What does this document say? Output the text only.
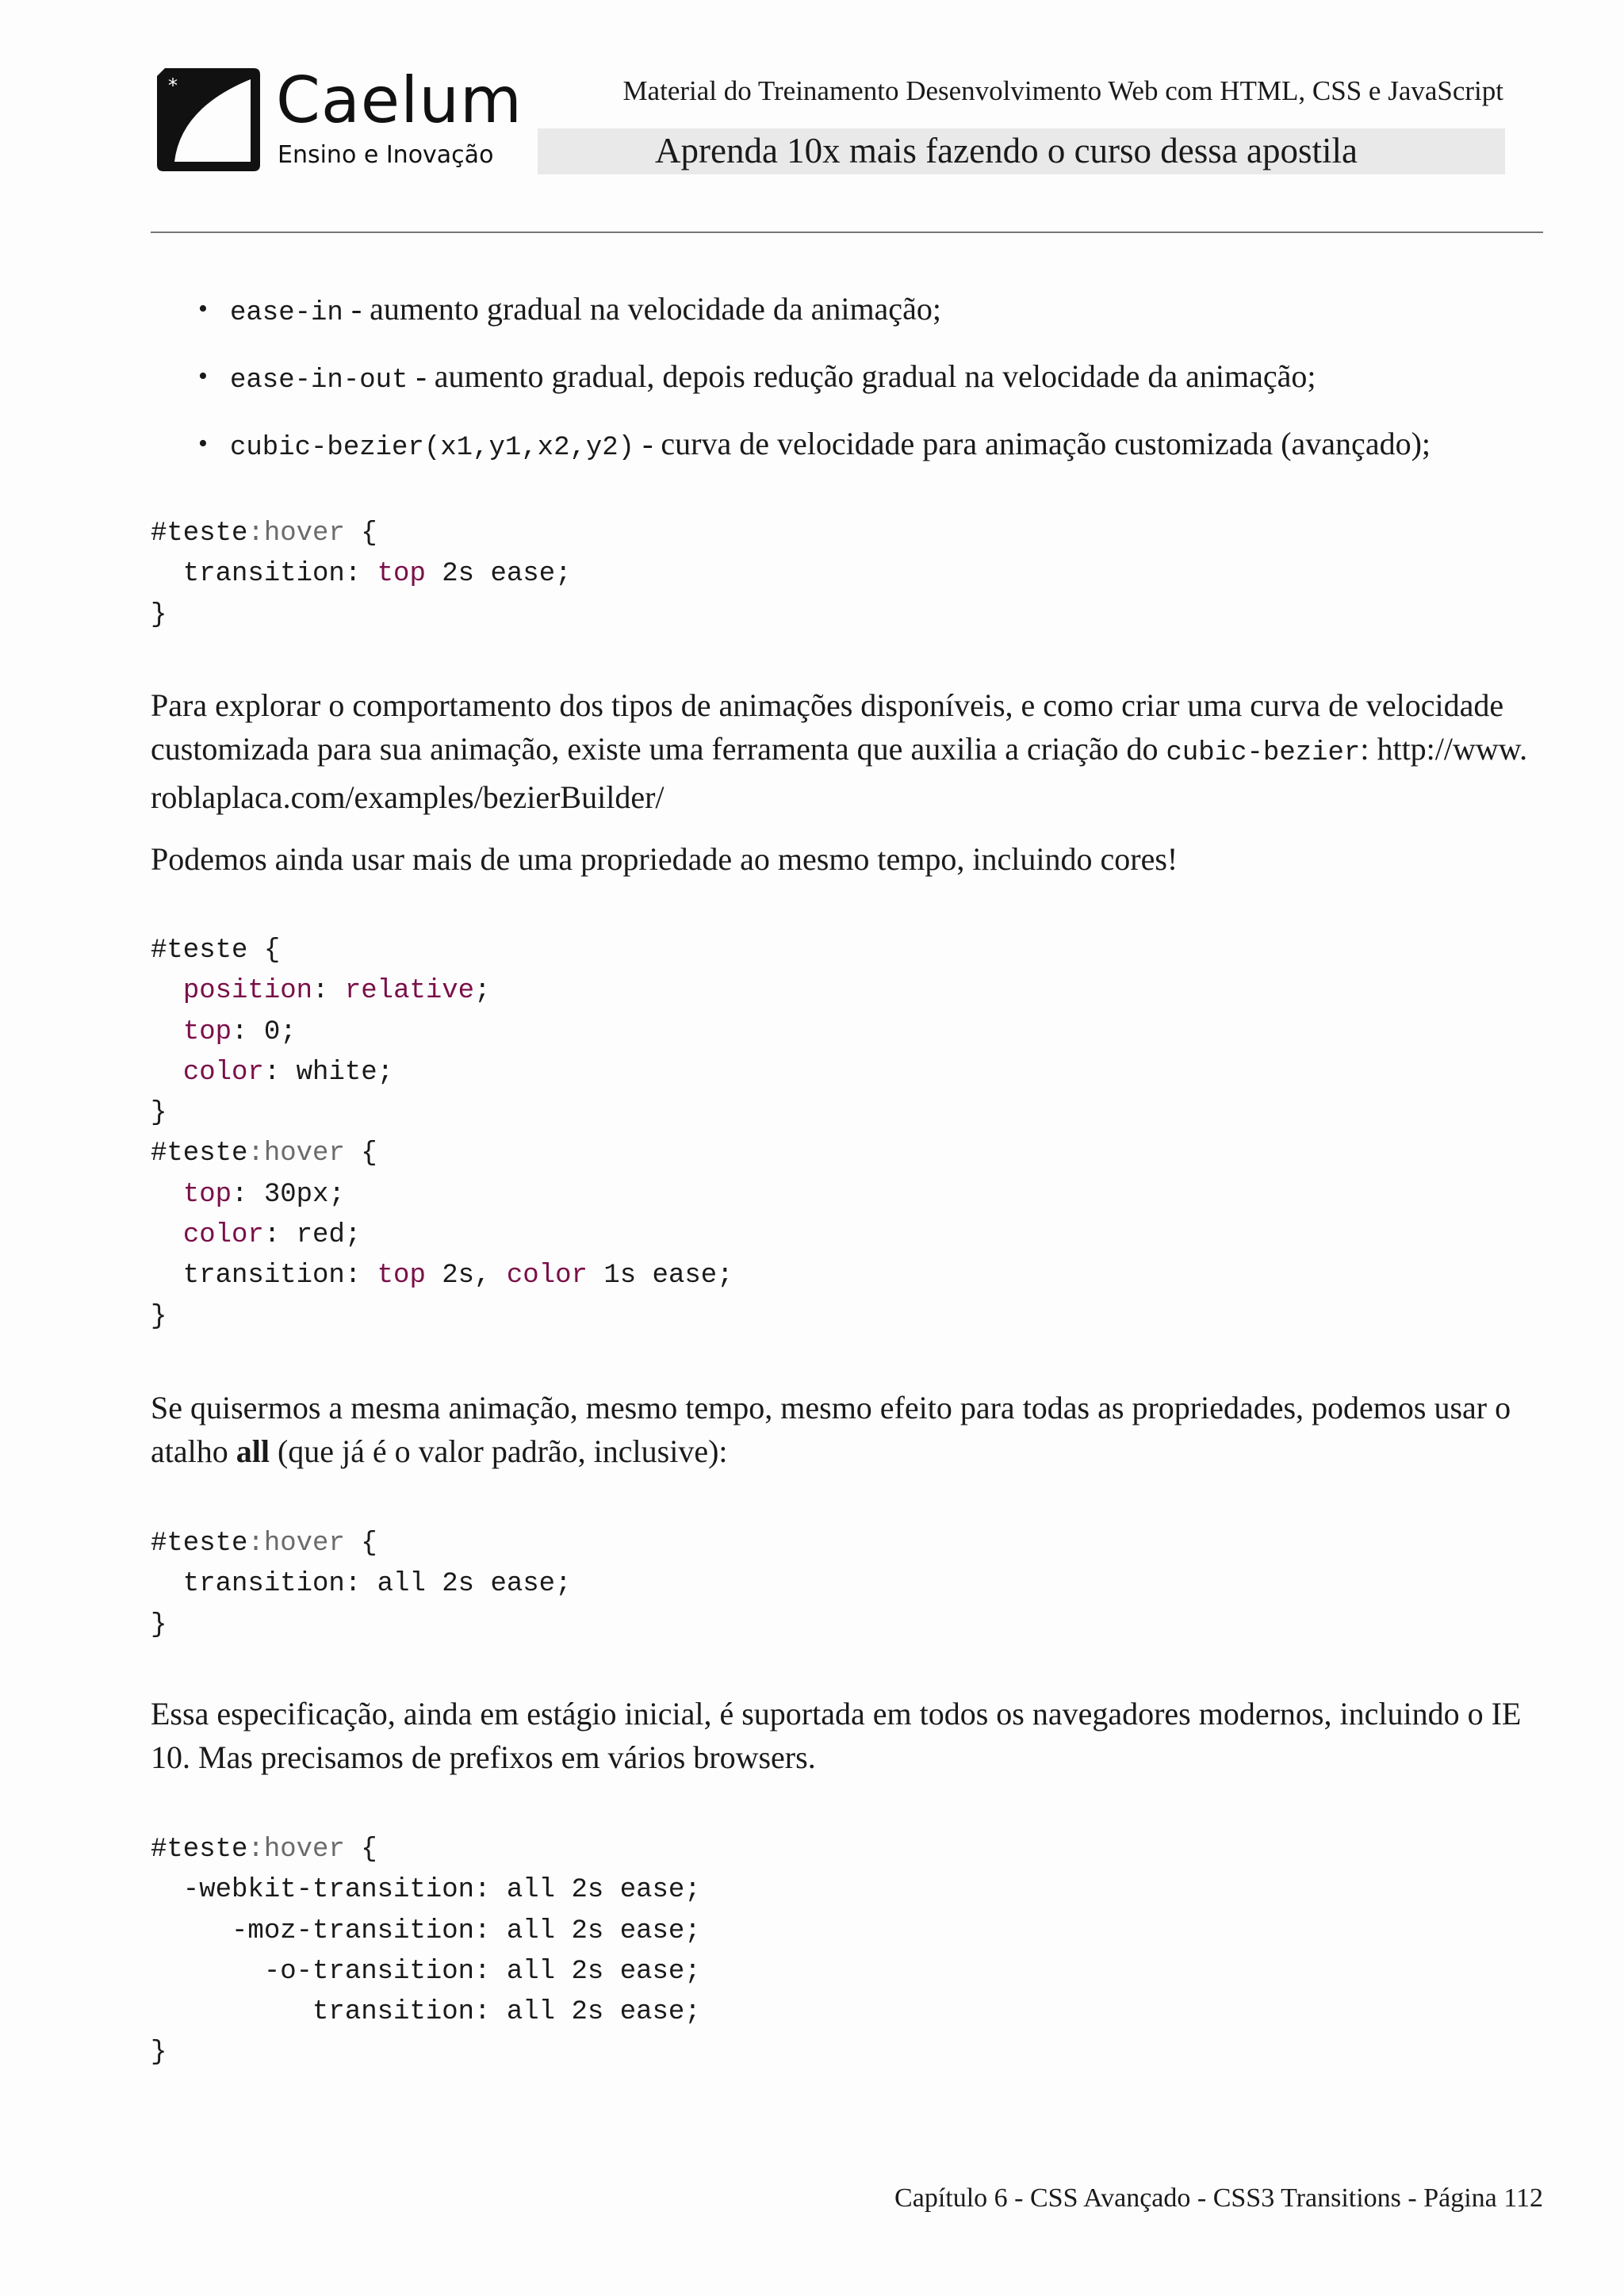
* Caelum
Ensino e Inovação
Material do Treinamento Desenvolvimento Web com HTML, CSS e JavaScript
Aprenda 10x mais fazendo o curso dessa apostila
• ease-in - aumento gradual na velocidade da animação;
• ease-in-out - aumento gradual, depois redução gradual na velocidade da animação;
• cubic-bezier(x1,y1,x2,y2) - curva de velocidade para animação customizada (avançado);
#teste:hover {
transition: top 2s ease;
}

Para explorar o comportamento dos tipos de animações disponíveis, e como criar uma curva de velocidade customizada para sua animação, existe uma ferramenta que auxilia a criação do cubic-bezier: http://www. roblaplaca.com/examples/bezierBuilder/

Podemos ainda usar mais de uma propriedade ao mesmo tempo, incluindo cores!

#teste {
position: relative;
top: 0;
color: white;
}
#teste:hover {
top: 30px;
color: red;
transition: top 2s, color 1s ease;
}

Se quisermos a mesma animação, mesmo tempo, mesmo efeito para todas as propriedades, podemos usar o atalho all (que já é o valor padrão, inclusive):

#teste:hover {
transition: all 2s ease;
}

Essa especificação, ainda em estágio inicial, é suportada em todos os navegadores modernos, incluindo o IE 10. Mas precisamos de prefixos em vários browsers.

#teste:hover {
-webkit-transition: all 2s ease;
-moz-transition: all 2s ease;
-o-transition: all 2s ease;
transition: all 2s ease;
}
Capítulo 6 - CSS Avançado - CSS3 Transitions - Página 112
